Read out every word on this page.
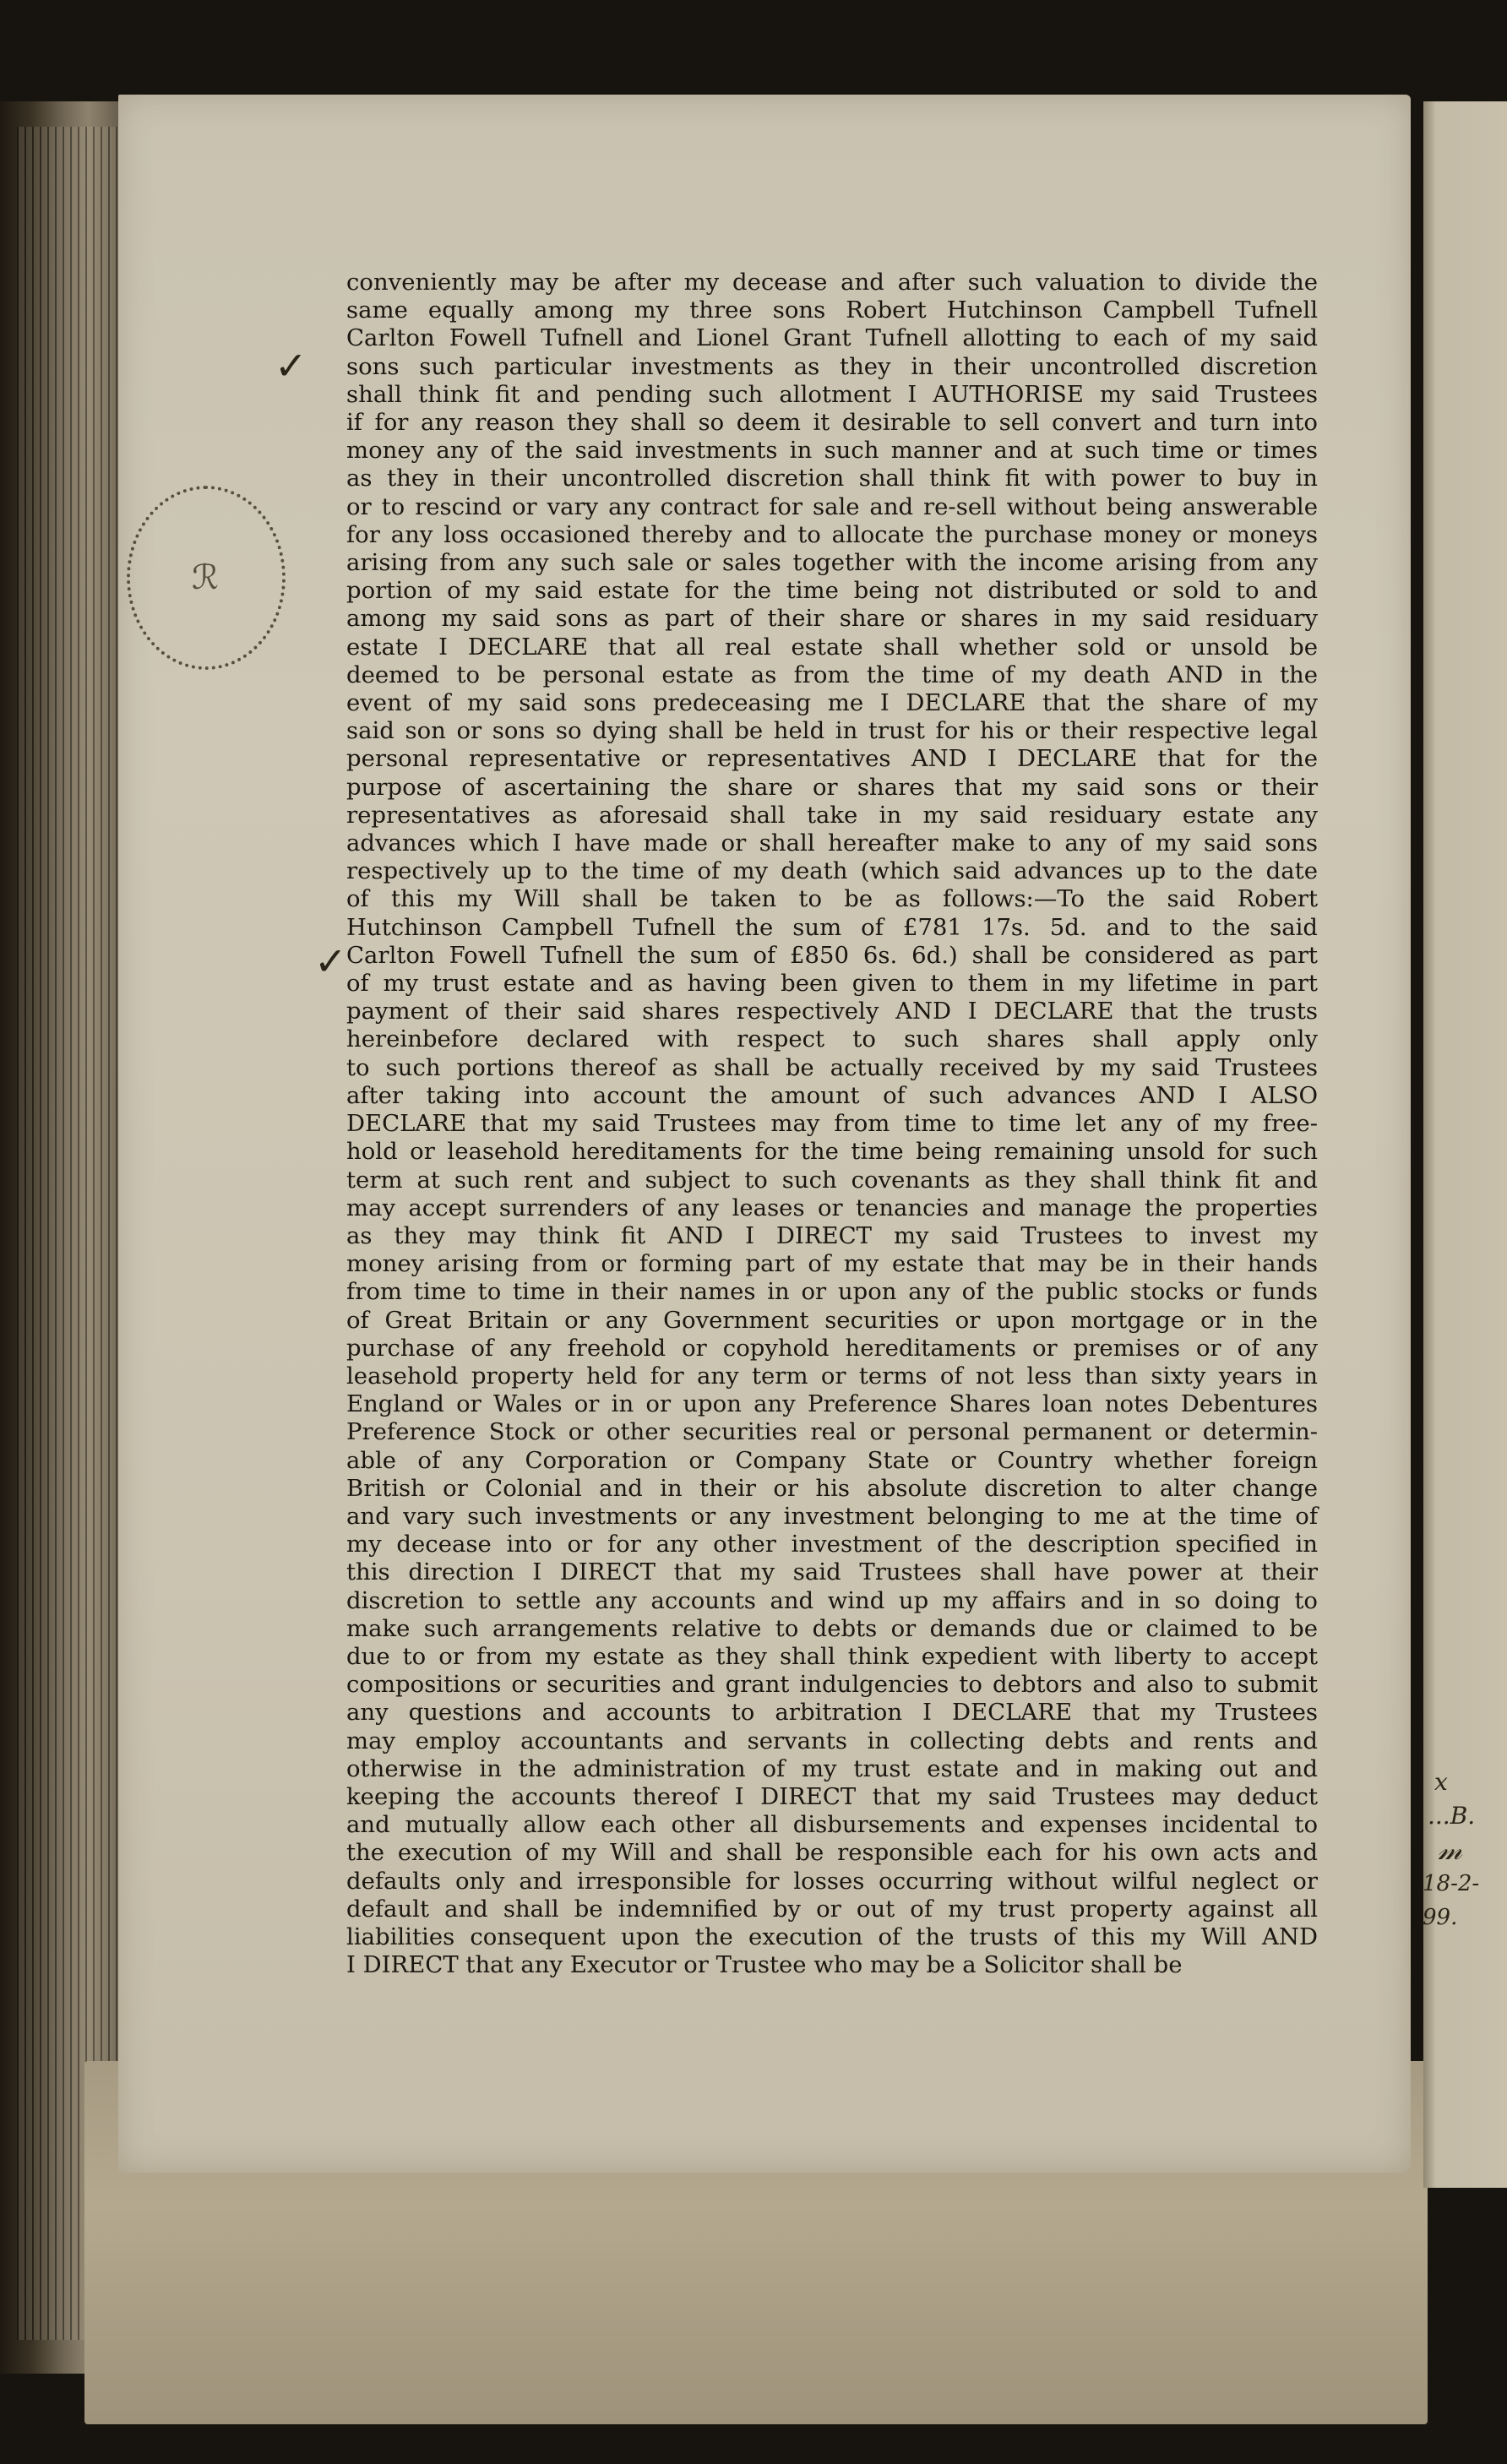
x
...B.
𝓂
18-2-99.
ℛ
✓
✓
conveniently may be after my decease and after such valuation to divide the
same equally among my three sons Robert Hutchinson Campbell Tufnell
Carlton Fowell Tufnell and Lionel Grant Tufnell allotting to each of my said
sons such particular investments as they in their uncontrolled discretion
shall think fit and pending such allotment I AUTHORISE my said Trustees
if for any reason they shall so deem it desirable to sell convert and turn into
money any of the said investments in such manner and at such time or times
as they in their uncontrolled discretion shall think fit with power to buy in
or to rescind or vary any contract for sale and re-sell without being answerable
for any loss occasioned thereby and to allocate the purchase money or moneys
arising from any such sale or sales together with the income arising from any
portion of my said estate for the time being not distributed or sold to and
among my said sons as part of their share or shares in my said residuary
estate I DECLARE that all real estate shall whether sold or unsold be
deemed to be personal estate as from the time of my death AND in the
event of my said sons predeceasing me I DECLARE that the share of my
said son or sons so dying shall be held in trust for his or their respective legal
personal representative or representatives AND I DECLARE that for the
purpose of ascertaining the share or shares that my said sons or their
representatives as aforesaid shall take in my said residuary estate any
advances which I have made or shall hereafter make to any of my said sons
respectively up to the time of my death (which said advances up to the date
of this my Will shall be taken to be as follows:—To the said Robert
Hutchinson Campbell Tufnell the sum of £781 17s. 5d. and to the said
Carlton Fowell Tufnell the sum of £850 6s. 6d.) shall be considered as part
of my trust estate and as having been given to them in my lifetime in part
payment of their said shares respectively AND I DECLARE that the trusts
hereinbefore declared with respect to such shares shall apply only
to such portions thereof as shall be actually received by my said Trustees
after taking into account the amount of such advances AND I ALSO
DECLARE that my said Trustees may from time to time let any of my free-
hold or leasehold hereditaments for the time being remaining unsold for such
term at such rent and subject to such covenants as they shall think fit and
may accept surrenders of any leases or tenancies and manage the properties
as they may think fit AND I DIRECT my said Trustees to invest my
money arising from or forming part of my estate that may be in their hands
from time to time in their names in or upon any of the public stocks or funds
of Great Britain or any Government securities or upon mortgage or in the
purchase of any freehold or copyhold hereditaments or premises or of any
leasehold property held for any term or terms of not less than sixty years in
England or Wales or in or upon any Preference Shares loan notes Debentures
Preference Stock or other securities real or personal permanent or determin-
able of any Corporation or Company State or Country whether foreign
British or Colonial and in their or his absolute discretion to alter change
and vary such investments or any investment belonging to me at the time of
my decease into or for any other investment of the description specified in
this direction I DIRECT that my said Trustees shall have power at their
discretion to settle any accounts and wind up my affairs and in so doing to
make such arrangements relative to debts or demands due or claimed to be
due to or from my estate as they shall think expedient with liberty to accept
compositions or securities and grant indulgencies to debtors and also to submit
any questions and accounts to arbitration I DECLARE that my Trustees
may employ accountants and servants in collecting debts and rents and
otherwise in the administration of my trust estate and in making out and
keeping the accounts thereof I DIRECT that my said Trustees may deduct
and mutually allow each other all disbursements and expenses incidental to
the execution of my Will and shall be responsible each for his own acts and
defaults only and irresponsible for losses occurring without wilful neglect or
default and shall be indemnified by or out of my trust property against all
liabilities consequent upon the execution of the trusts of this my Will AND
I DIRECT that any Executor or Trustee who may be a Solicitor shall be
